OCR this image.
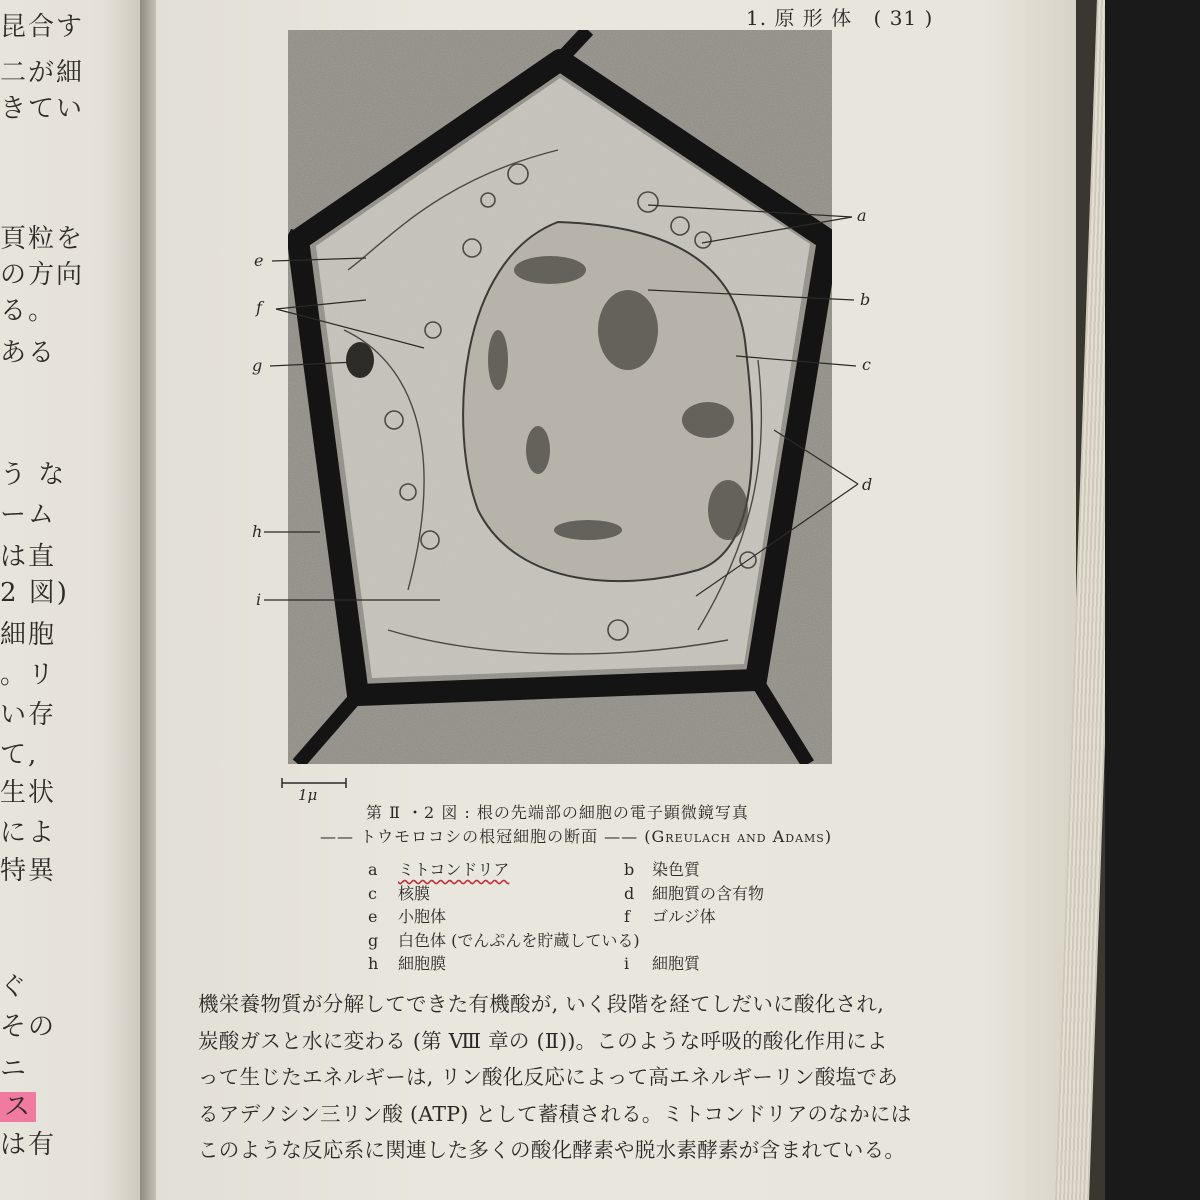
昆合す
二が細
きてい
頁粒を
の方向
る。
ある
う な
ーム
は直
2 図)
細胞
。リ
い存
て,
生状
によ
特異
ぐ
その
ニ
ス
は有
1. 原 形 体 ( 31 )
a
b
c
d
e
f
g
h
i
1μ
第 Ⅱ ・2 図 : 根の先端部の細胞の電子顕微鏡写真
—— トウモロコシの根冠細胞の断面 —— (Greulach and Adams)
a	ミトコンドリア	b 染色質
c	核膜	d 細胞質の含有物
e	小胞体	f ゴルジ体
g	白色体 (でんぷんを貯蔵している)
h	細胞膜	i 細胞質

機栄養物質が分解してできた有機酸が, いく段階を経てしだいに酸化され,

炭酸ガスと水に変わる (第 Ⅷ 章の (Ⅱ))。このような呼吸的酸化作用によ

って生じたエネルギーは, リン酸化反応によって高エネルギーリン酸塩であ

るアデノシン三リン酸 (ATP) として蓄積される。ミトコンドリアのなかには

このような反応系に関連した多くの酸化酵素や脱水素酵素が含まれている。
